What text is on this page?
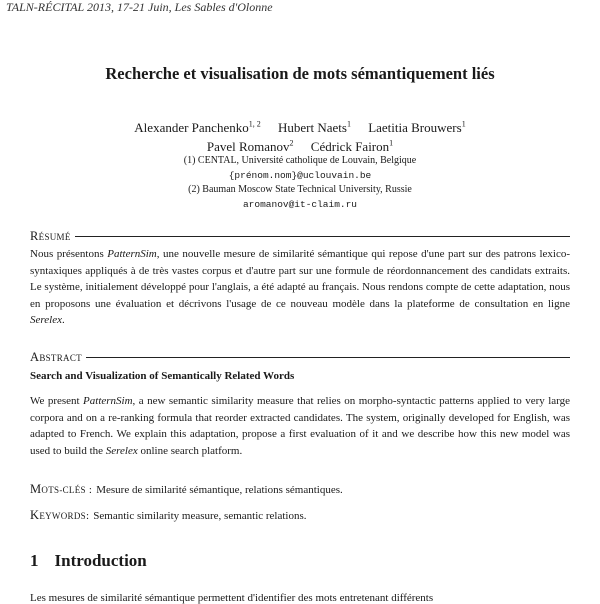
TALN-RÉCITAL 2013, 17-21 Juin, Les Sables d'Olonne
Recherche et visualisation de mots sémantiquement liés
Alexander Panchenko$^{1, 2}$ Hubert Naets$^1$ Laetitia Brouwers$^1$
Pavel Romanov$^2$ Cédrick Fairon$^1$
(1) CENTAL, Université catholique de Louvain, Belgique
{prénom.nom}@uclouvain.be
(2) Bauman Moscow State Technical University, Russie
aromanov@it-claim.ru
RÉSUMÉ
Nous présentons PatternSim, une nouvelle mesure de similarité sémantique qui repose d'une part sur des patrons lexico-syntaxiques appliqués à de très vastes corpus et d'autre part sur une formule de réordonnancement des candidats extraits. Le système, initialement développé pour l'anglais, a été adapté au français. Nous rendons compte de cette adaptation, nous en proposons une évaluation et décrivons l'usage de ce nouveau modèle dans la plateforme de consultation en ligne Serelex.
ABSTRACT
Search and Visualization of Semantically Related Words
We present PatternSim, a new semantic similarity measure that relies on morpho-syntactic patterns applied to very large corpora and on a re-ranking formula that reorder extracted candidates. The system, originally developed for English, was adapted to French. We explain this adaptation, propose a first evaluation of it and we describe how this new model was used to build the Serelex online search platform.
MOTS-CLÉS : Mesure de similarité sémantique, relations sémantiques.
KEYWORDS: Semantic similarity measure, semantic relations.
1 Introduction
Les mesures de similarité sémantique permettent d'identifier des mots entretenant différents
